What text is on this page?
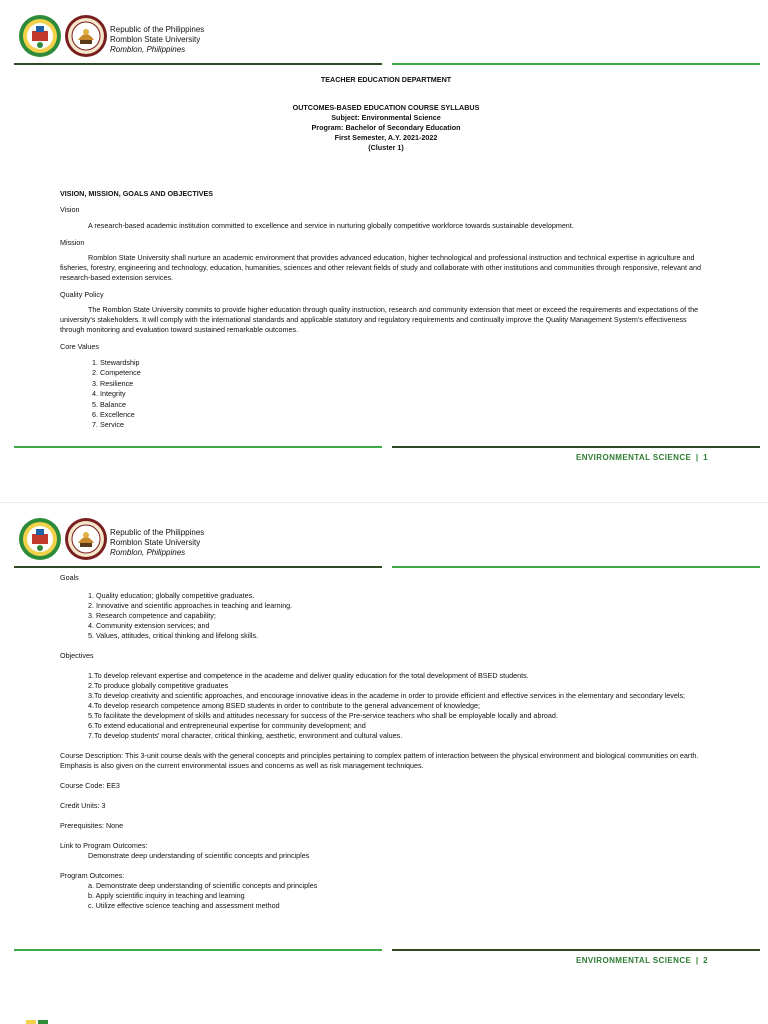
Republic of the Philippines
Romblon State University
Romblon, Philippines
TEACHER EDUCATION DEPARTMENT
OUTCOMES-BASED EDUCATION COURSE SYLLABUS
Subject: Environmental Science
Program: Bachelor of Secondary Education
First Semester, A.Y. 2021-2022
(Cluster 1)
VISION, MISSION, GOALS AND OBJECTIVES
Vision

A research-based academic institution committed to excellence and service in nurturing globally competitive workforce towards sustainable development.

Mission

Romblon State University shall nurture an academic environment that provides advanced education, higher technological and professional instruction and technical expertise in agriculture and fisheries, forestry, engineering and technology, education, humanities, sciences and other relevant fields of study and collaborate with other institutions and communities through responsive, relevant and research-based extension services.

Quality Policy

The Romblon State University commits to provide higher education through quality instruction, research and community extension that meet or exceed the requirements and expectations of the university's stakeholders. It will comply with the international standards and applicable statutory and regulatory requirements and continually improve the Quality Management System's effectiveness through monitoring and evaluation toward sustained remarkable outcomes.

Core Values
1. Stewardship
2. Competence
3. Resilience
4. Integrity
5. Balance
6. Excellence
7. Service
ENVIRONMENTAL SCIENCE | 1
Republic of the Philippines
Romblon State University
Romblon, Philippines
Goals
1. Quality education; globally competitive graduates.
2. Innovative and scientific approaches in teaching and learning.
3. Research competence and capability;
4. Community extension services; and
5. Values, attitudes, critical thinking and lifelong skills.
Objectives
1.To develop relevant expertise and competence in the academe and deliver quality education for the total development of BSED students.
2.To produce globally competitive graduates
3.To develop creativity and scientific approaches, and encourage innovative ideas in the academe in order to provide efficient and effective services in the elementary and secondary levels;
4.To develop research competence among BSED students in order to contribute to the general advancement of knowledge;
5.To facilitate the development of skills and attitudes necessary for success of the Pre-service teachers who shall be employable locally and abroad.
6.To extend educational and entrepreneurial expertise for community development; and
7.To develop students' moral character, critical thinking, aesthetic, environment and cultural values.

Course Description: This 3-unit course deals with the general concepts and principles pertaining to complex pattern of interaction between the physical environment and biological communities on earth. Emphasis is also given on the current environmental issues and concerns as well as risk management techniques.

Course Code: EE3
Credit Units: 3
Prerequisites: None
Link to Program Outcomes:
Demonstrate deep understanding of scientific concepts and principles
Program Outcomes:
a. Demonstrate deep understanding of scientific concepts and principles
b. Apply scientific inquiry in teaching and learning
c. Utilize effective science teaching and assessment method
ENVIRONMENTAL SCIENCE | 2
